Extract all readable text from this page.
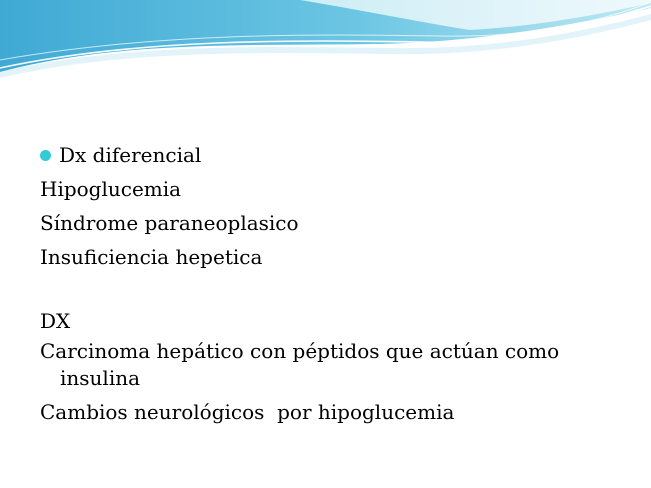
Dx diferencial

Hipoglucemia

Síndrome paraneoplasico

Insuficiencia hepetica

DX

Carcinoma hepático con péptidos que actúan como insulina

Cambios neurológicos  por hipoglucemia
